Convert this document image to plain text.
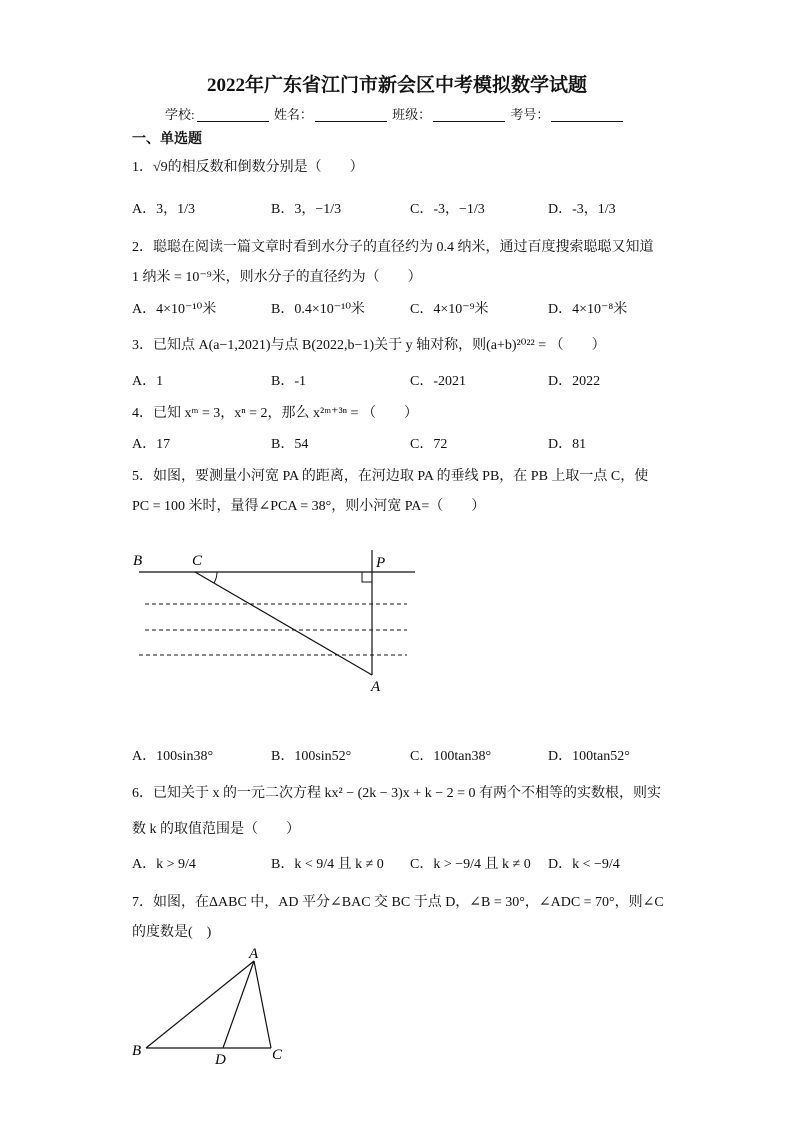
2022年广东省江门市新会区中考模拟数学试题
学校:	姓名：	班级：	考号：
一、单选题
1．√9的相反数和倒数分别是（　　）
A．3，1/3	B．3，−1/3	C．-3，−1/3	D．-3，1/3
2．聪聪在阅读一篇文章时看到水分子的直径约为 0.4 纳米，通过百度搜索聪聪又知道
1 纳米 = 10⁻⁹米，则水分子的直径约为（　　）
A．4×10⁻¹⁰米	B．0.4×10⁻¹⁰米	C．4×10⁻⁹米	D．4×10⁻⁸米
3．已知点 A(a−1,2021)与点 B(2022,b−1)关于 y 轴对称，则(a+b)²⁰²² = （　　）
A．1	B．-1	C．-2021	D．2022
4．已知 xᵐ = 3，xⁿ = 2，那么 x²ᵐ⁺³ⁿ = （　　）
A．17	B．54	C．72	D．81
5．如图，要测量小河宽 PA 的距离，在河边取 PA 的垂线 PB，在 PB 上取一点 C，使
PC = 100 米时，量得∠PCA = 38°，则小河宽 PA=（　　）
B	C	P
A
A．100sin38°	B．100sin52°	C．100tan38°	D．100tan52°
6．已知关于 x 的一元二次方程 kx² − (2k − 3)x + k − 2 = 0 有两个不相等的实数根，则实
数 k 的取值范围是（　　）
A．k > 9/4	B．k < 9/4 且 k ≠ 0 C．k > −9/4 且 k ≠ 0 D．k < −9/4
7．如图，在ΔABC 中，AD 平分∠BAC 交 BC 于点 D，∠B = 30°，∠ADC = 70°，则∠C
的度数是(　)
A
B
D	C
